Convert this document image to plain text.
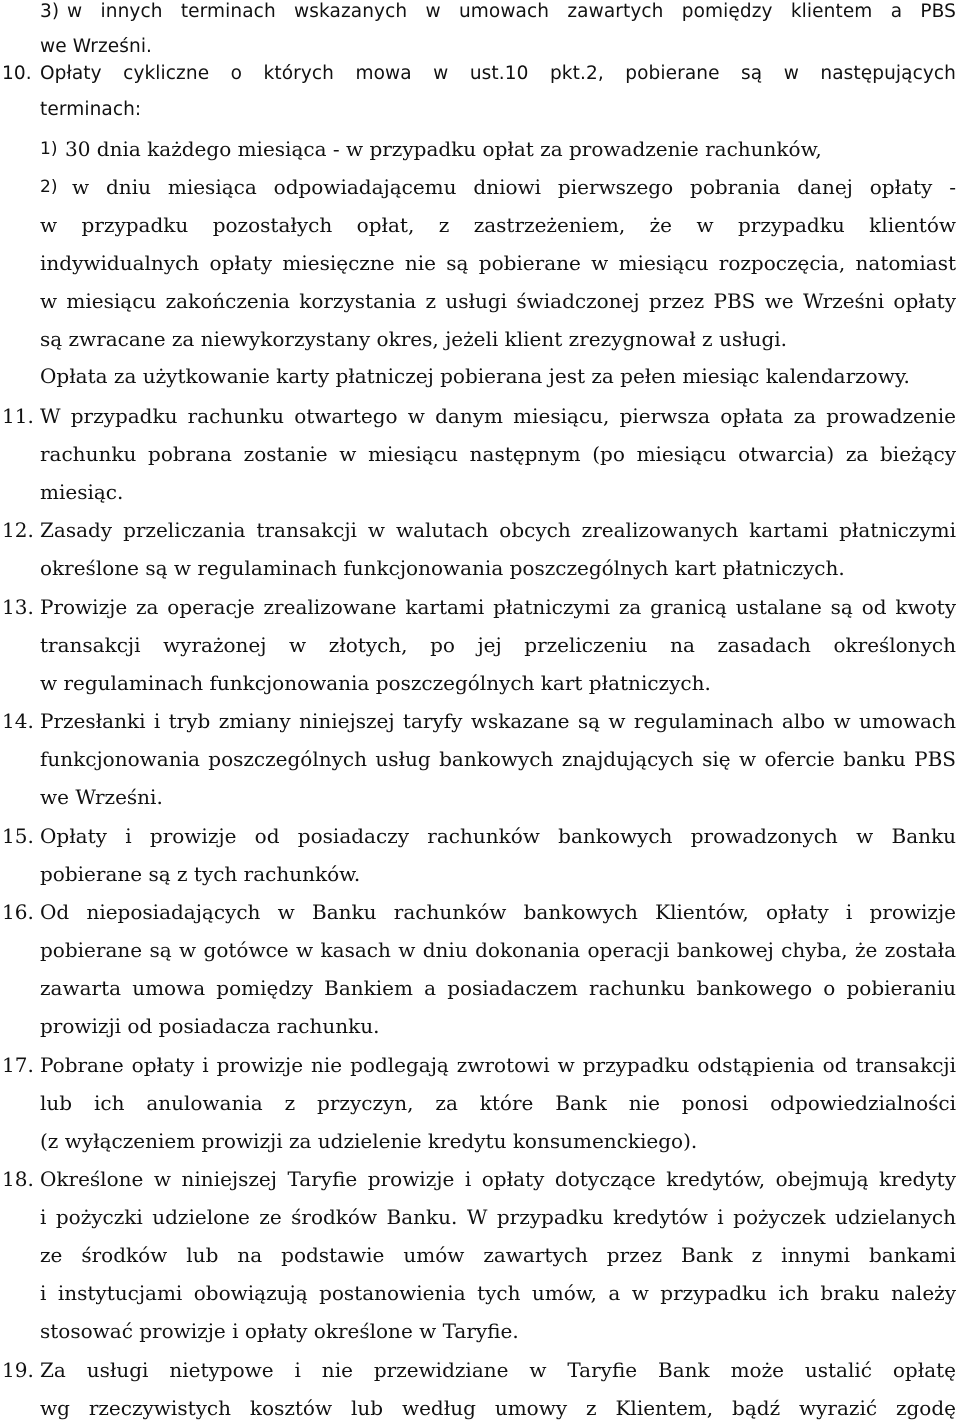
3) w innych terminach wskazanych w umowach zawartych pomiędzy klientem a PBS
we Wrześni.
10. Opłaty cykliczne o których mowa w ust.10 pkt.2, pobierane są w następujących
terminach:
1) 30 dnia każdego miesiąca - w przypadku opłat za prowadzenie rachunków,
2) w dniu miesiąca odpowiadającemu dniowi pierwszego pobrania danej opłaty -
w przypadku pozostałych opłat, z zastrzeżeniem, że w przypadku klientów
indywidualnych opłaty miesięczne nie są pobierane w miesiącu rozpoczęcia, natomiast
w miesiącu zakończenia korzystania z usługi świadczonej przez PBS we Wrześni opłaty
są zwracane za niewykorzystany okres, jeżeli klient zrezygnował z usługi.
Opłata za użytkowanie karty płatniczej pobierana jest za pełen miesiąc kalendarzowy.
11. W przypadku rachunku otwartego w danym miesiącu, pierwsza opłata za prowadzenie
rachunku pobrana zostanie w miesiącu następnym (po miesiącu otwarcia) za bieżący
miesiąc.
12. Zasady przeliczania transakcji w walutach obcych zrealizowanych kartami płatniczymi
określone są w regulaminach funkcjonowania poszczególnych kart płatniczych.
13. Prowizje za operacje zrealizowane kartami płatniczymi za granicą ustalane są od kwoty
transakcji wyrażonej w złotych, po jej przeliczeniu na zasadach określonych
w regulaminach funkcjonowania poszczególnych kart płatniczych.
14. Przesłanki i tryb zmiany niniejszej taryfy wskazane są w regulaminach albo w umowach
funkcjonowania poszczególnych usług bankowych znajdujących się w ofercie banku PBS
we Wrześni.
15. Opłaty i prowizje od posiadaczy rachunków bankowych prowadzonych w Banku
pobierane są z tych rachunków.
16. Od nieposiadających w Banku rachunków bankowych Klientów, opłaty i prowizje
pobierane są w gotówce w kasach w dniu dokonania operacji bankowej chyba, że została
zawarta umowa pomiędzy Bankiem a posiadaczem rachunku bankowego o pobieraniu
prowizji od posiadacza rachunku.
17. Pobrane opłaty i prowizje nie podlegają zwrotowi w przypadku odstąpienia od transakcji
lub ich anulowania z przyczyn, za które Bank nie ponosi odpowiedzialności
(z wyłączeniem prowizji za udzielenie kredytu konsumenckiego).
18. Określone w niniejszej Taryfie prowizje i opłaty dotyczące kredytów, obejmują kredyty
i pożyczki udzielone ze środków Banku. W przypadku kredytów i pożyczek udzielanych
ze środków lub na podstawie umów zawartych przez Bank z innymi bankami
i instytucjami obowiązują postanowienia tych umów, a w przypadku ich braku należy
stosować prowizje i opłaty określone w Taryfie.
19. Za usługi nietypowe i nie przewidziane w Taryfie Bank może ustalić opłatę
wg rzeczywistych kosztów lub według umowy z Klientem, bądź wyrazić zgodę
